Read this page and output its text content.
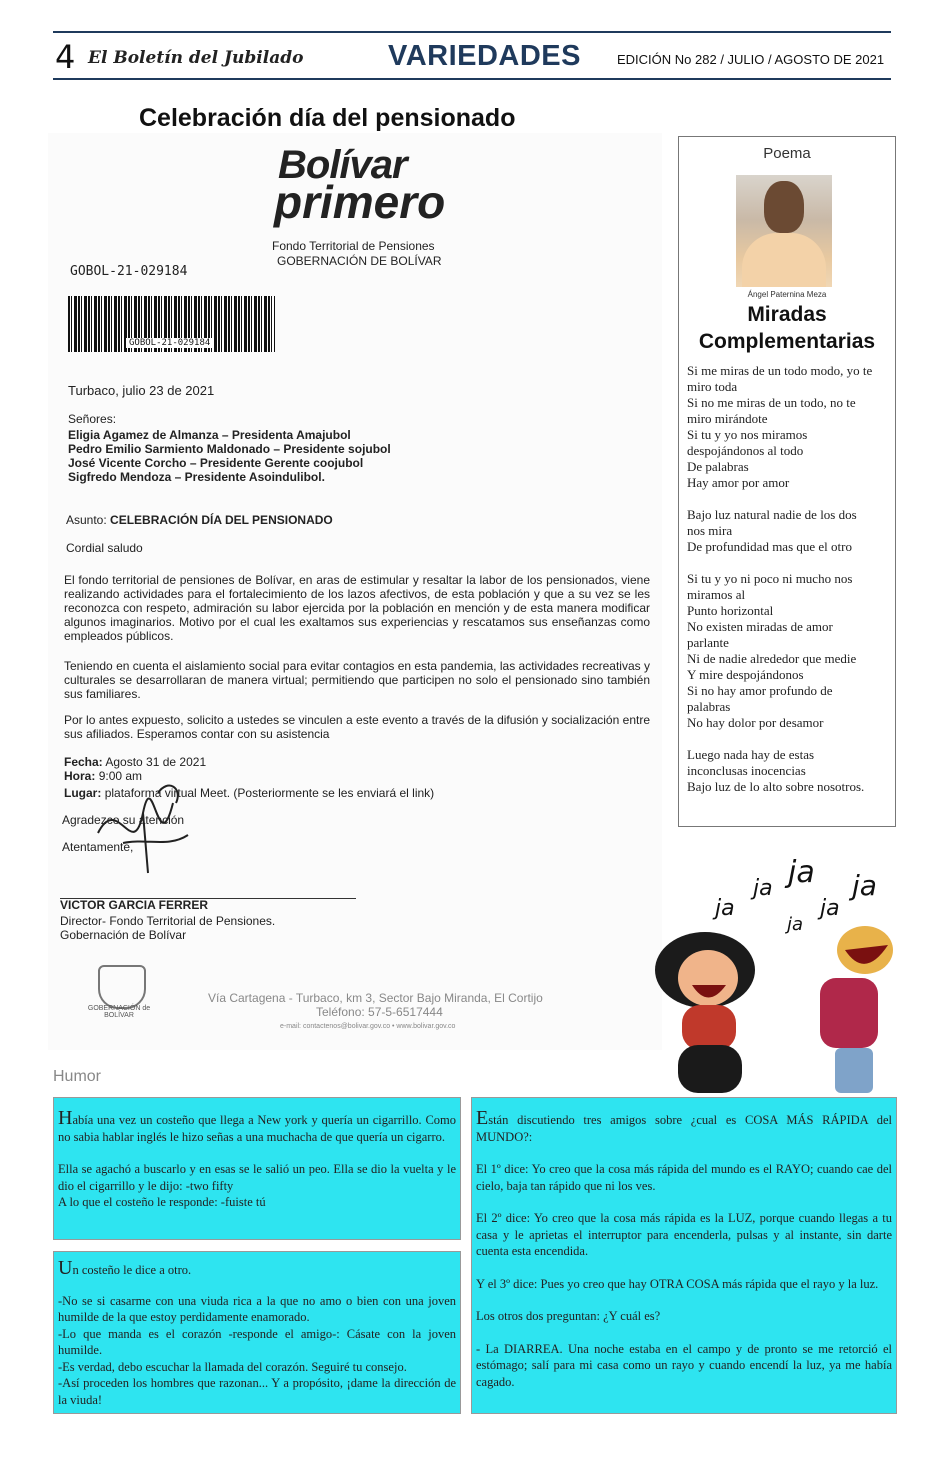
4 El Boletín del Jubilado	VARIEDADES	EDICIÓN No 282 / JULIO / AGOSTO DE 2021
Celebración día del pensionado
Bolívar
primero
Fondo Territorial de Pensiones
GOBERNACIÓN DE BOLÍVAR
GOBOL-21-029184
GOBOL-21-029184
Turbaco, julio 23 de 2021
Señores:
Eligia Agamez de Almanza – Presidenta Amajubol
Pedro Emilio Sarmiento Maldonado – Presidente sojubol
José Vicente Corcho – Presidente Gerente coojubol
Sigfredo Mendoza – Presidente Asoindulibol.
Asunto: CELEBRACIÓN DÍA DEL PENSIONADO
Cordial saludo
El fondo territorial de pensiones de Bolívar, en aras de estimular y resaltar la labor de los pensionados, viene realizando actividades para el fortalecimiento de los lazos afectivos, de esta población y que a su vez se les reconozca con respeto, admiración su labor ejercida por la población en mención y de esta manera modificar algunos imaginarios. Motivo por el cual les exaltamos sus experiencias y rescatamos sus enseñanzas como empleados públicos.
Teniendo en cuenta el aislamiento social para evitar contagios en esta pandemia, las actividades recreativas y culturales se desarrollaran de manera virtual; permitiendo que participen no solo el pensionado sino también sus familiares.
Por lo antes expuesto, solicito a ustedes se vinculen a este evento a través de la difusión y socialización entre sus afiliados. Esperamos contar con su asistencia
Fecha: Agosto 31 de 2021
Hora: 9:00 am
Lugar: plataforma virtual Meet. (Posteriormente se les enviará el link)
Agradezco su atención
Atentamente,
VICTOR GARCIA FERRER
Director- Fondo Territorial de Pensiones.
Gobernación de Bolívar
GOBERNACIÓN de BOLÍVAR
Vía Cartagena - Turbaco, km 3, Sector Bajo Miranda, El Cortijo
Teléfono: 57-5-6517444
e-mail: contactenos@bolivar.gov.co • www.bolivar.gov.co
Poema
Ángel Paternina Meza
Miradas
Complementarias
Si me miras de un todo modo, yo te
miro toda
Si no me miras de un todo, no te
miro mirándote
Si tu y yo nos miramos
despojándonos al todo
De palabras
Hay amor por amor
Bajo luz natural nadie de los dos
nos mira
De profundidad mas que el otro
Si tu y yo ni poco ni mucho nos
miramos al
Punto horizontal
No existen miradas de amor
parlante
Ni de nadie alrededor que medie
Y mire despojándonos
Si no hay amor profundo de
palabras
No hay dolor por desamor
Luego nada hay de estas
inconclusas inocencias
Bajo luz de lo alto sobre nosotros.
ja
ja ja
ja
ja
ja
Humor
Había una vez un costeño que llega a New york y quería un cigarrillo. Como no sabia hablar inglés le hizo señas a una muchacha de que quería un cigarro.
Ella se agachó a buscarlo y en esas se le salió un peo. Ella se dio la vuelta y le dio el cigarrillo y le dijo: -two fifty
A lo que el costeño le responde: -fuiste tú
Un costeño le dice a otro.
-No se si casarme con una viuda rica a la que no amo o bien con una joven humilde de la que estoy perdidamente enamorado.
-Lo que manda es el corazón -responde el amigo-: Cásate con la joven humilde.
-Es verdad, debo escuchar la llamada del corazón. Seguiré tu consejo.
-Así proceden los hombres que razonan... Y a propósito, ¡dame la dirección de la viuda!
Están discutiendo tres amigos sobre ¿cual es COSA MÁS RÁPIDA del MUNDO?:
El 1º dice: Yo creo que la cosa más rápida del mundo es el RAYO; cuando cae del cielo, baja tan rápido que ni los ves.
El 2º dice: Yo creo que la cosa más rápida es la LUZ, porque cuando llegas a tu casa y le aprietas el interruptor para encenderla, pulsas y al instante, sin darte cuenta esta encendida.
Y el 3º dice: Pues yo creo que hay OTRA COSA más rápida que el rayo y la luz.
Los otros dos preguntan: ¿Y cuál es?
- La DIARREA. Una noche estaba en el campo y de pronto se me retorció el estómago; salí para mi casa como un rayo y cuando encendí la luz, ya me había cagado.
